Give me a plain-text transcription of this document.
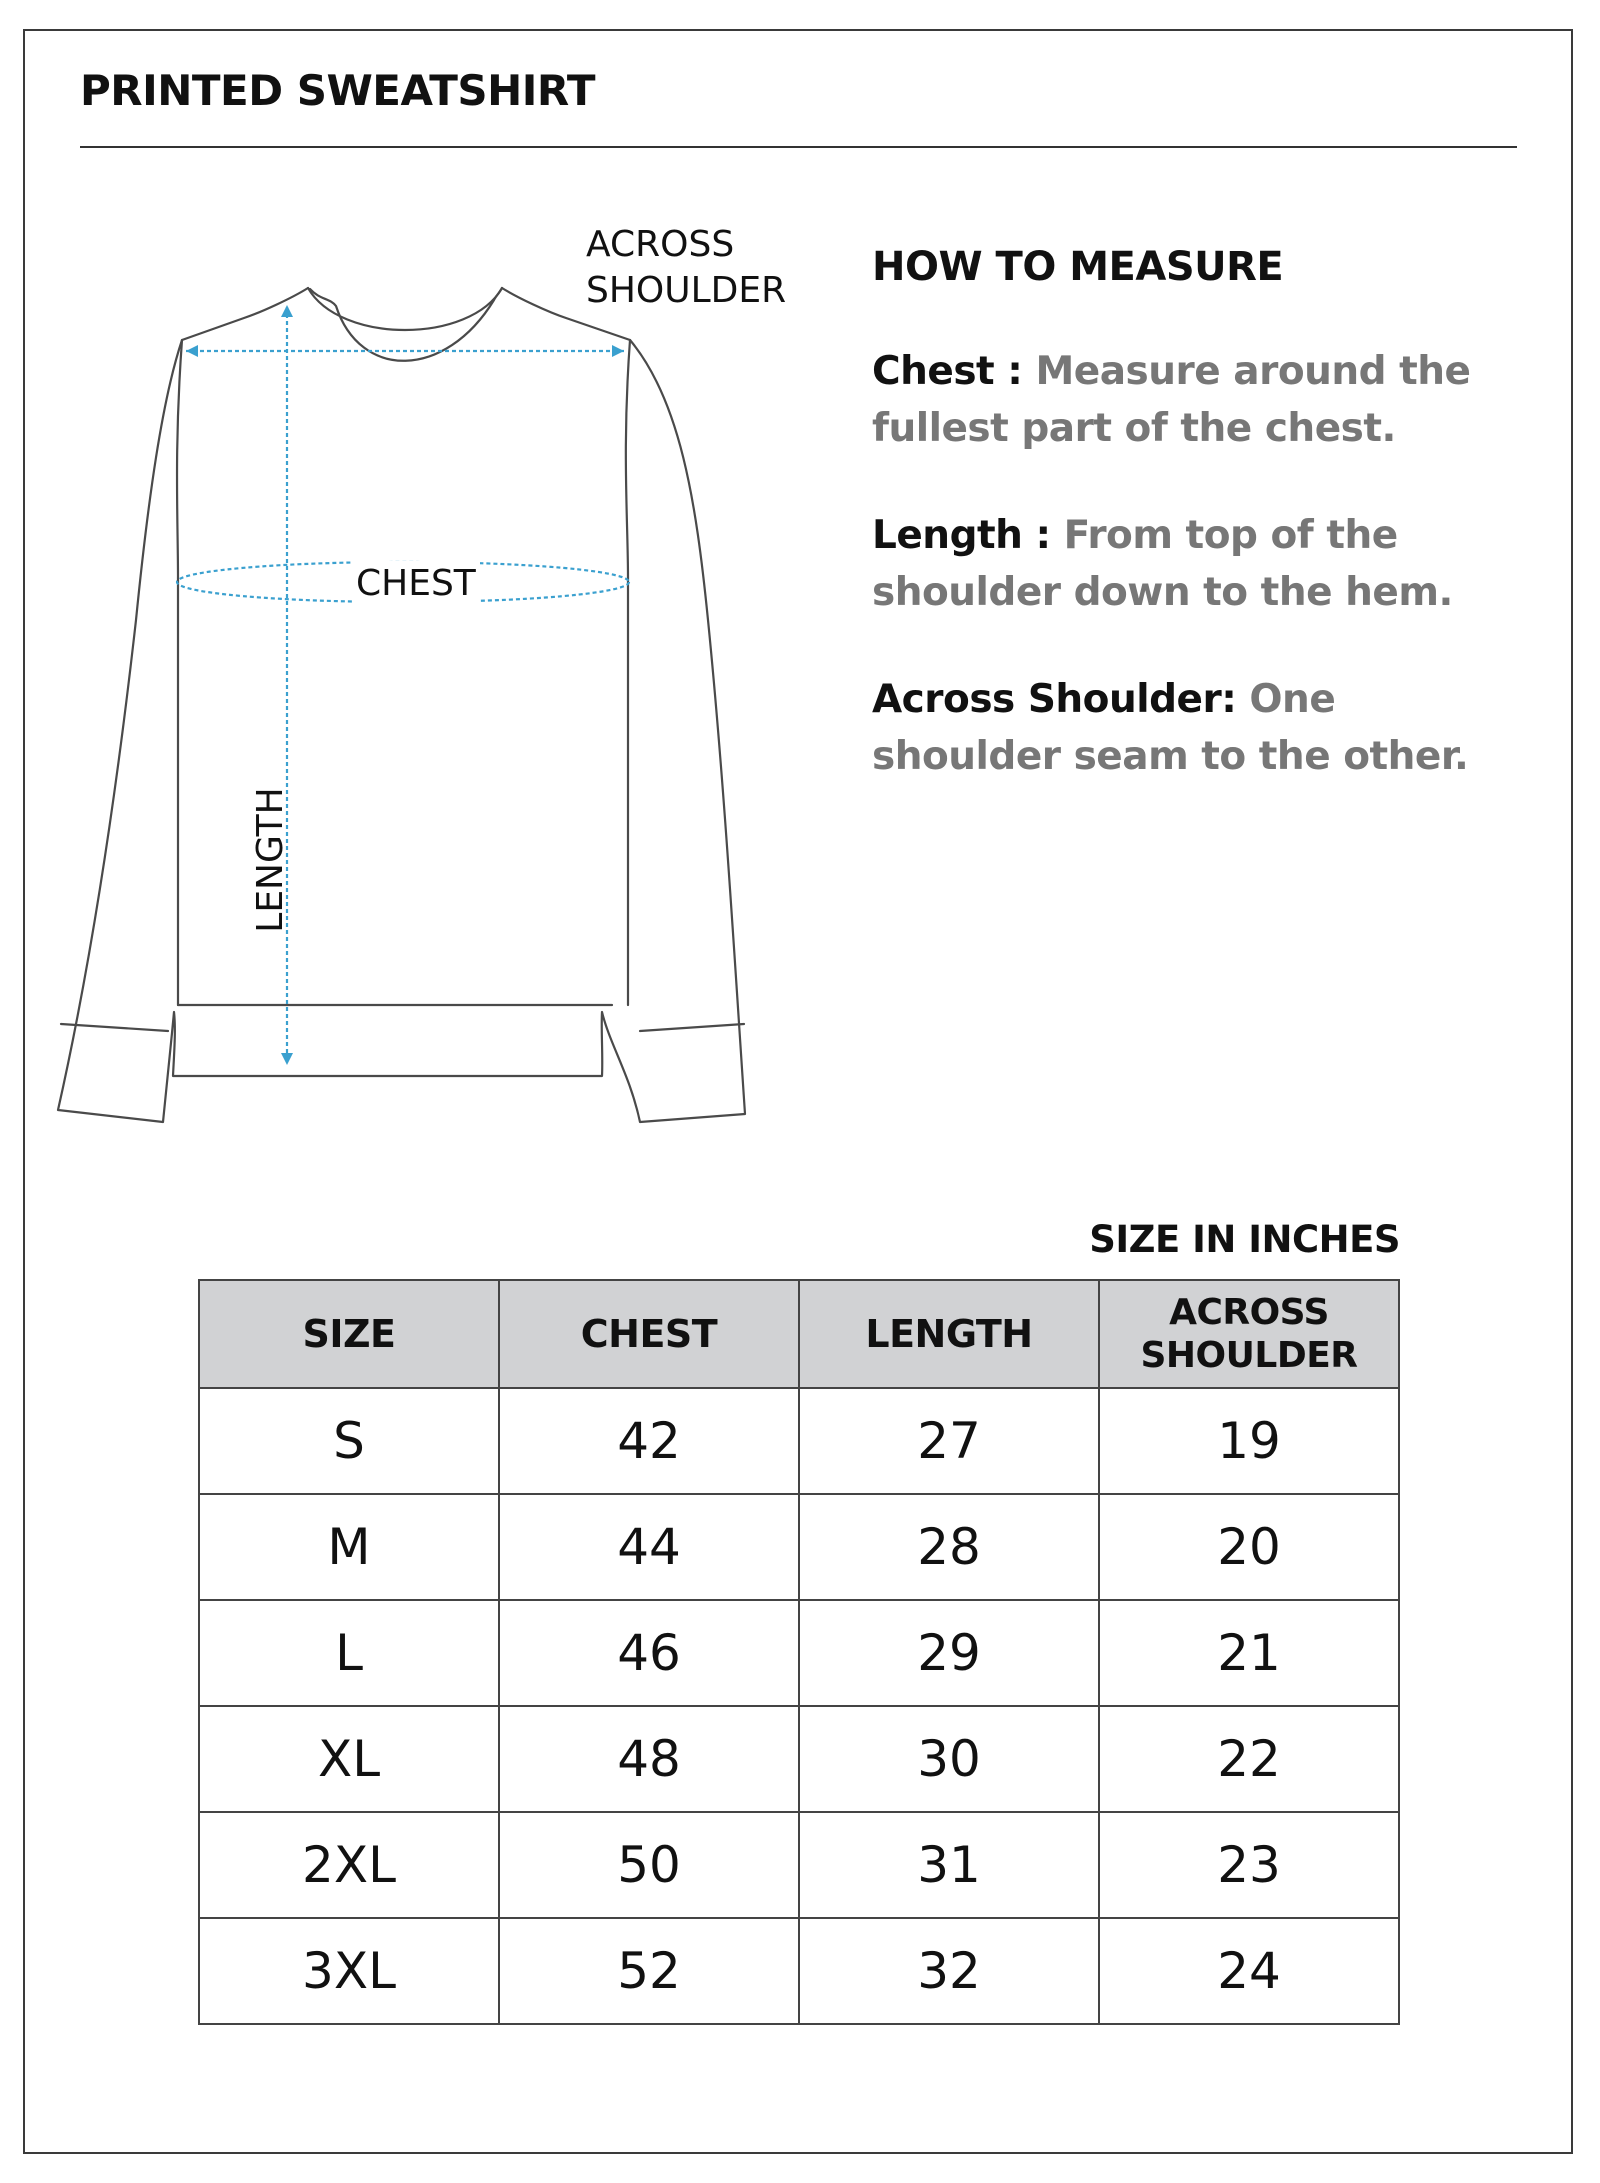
PRINTED SWEATSHIRT
ACROSS
SHOULDER
CHEST
LENGTH

HOW TO MEASURE

Chest : Measure around the fullest part of the chest.

Length : From top of the shoulder down to the hem.

Across Shoulder: One shoulder seam to the other.

SIZE IN INCHES

SIZE	CHEST	LENGTH	ACROSS
SHOULDER
S	42	27	19
M	44	28	20
L	46	29	21
XL	48	30	22
2XL	50	31	23
3XL	52	32	24
